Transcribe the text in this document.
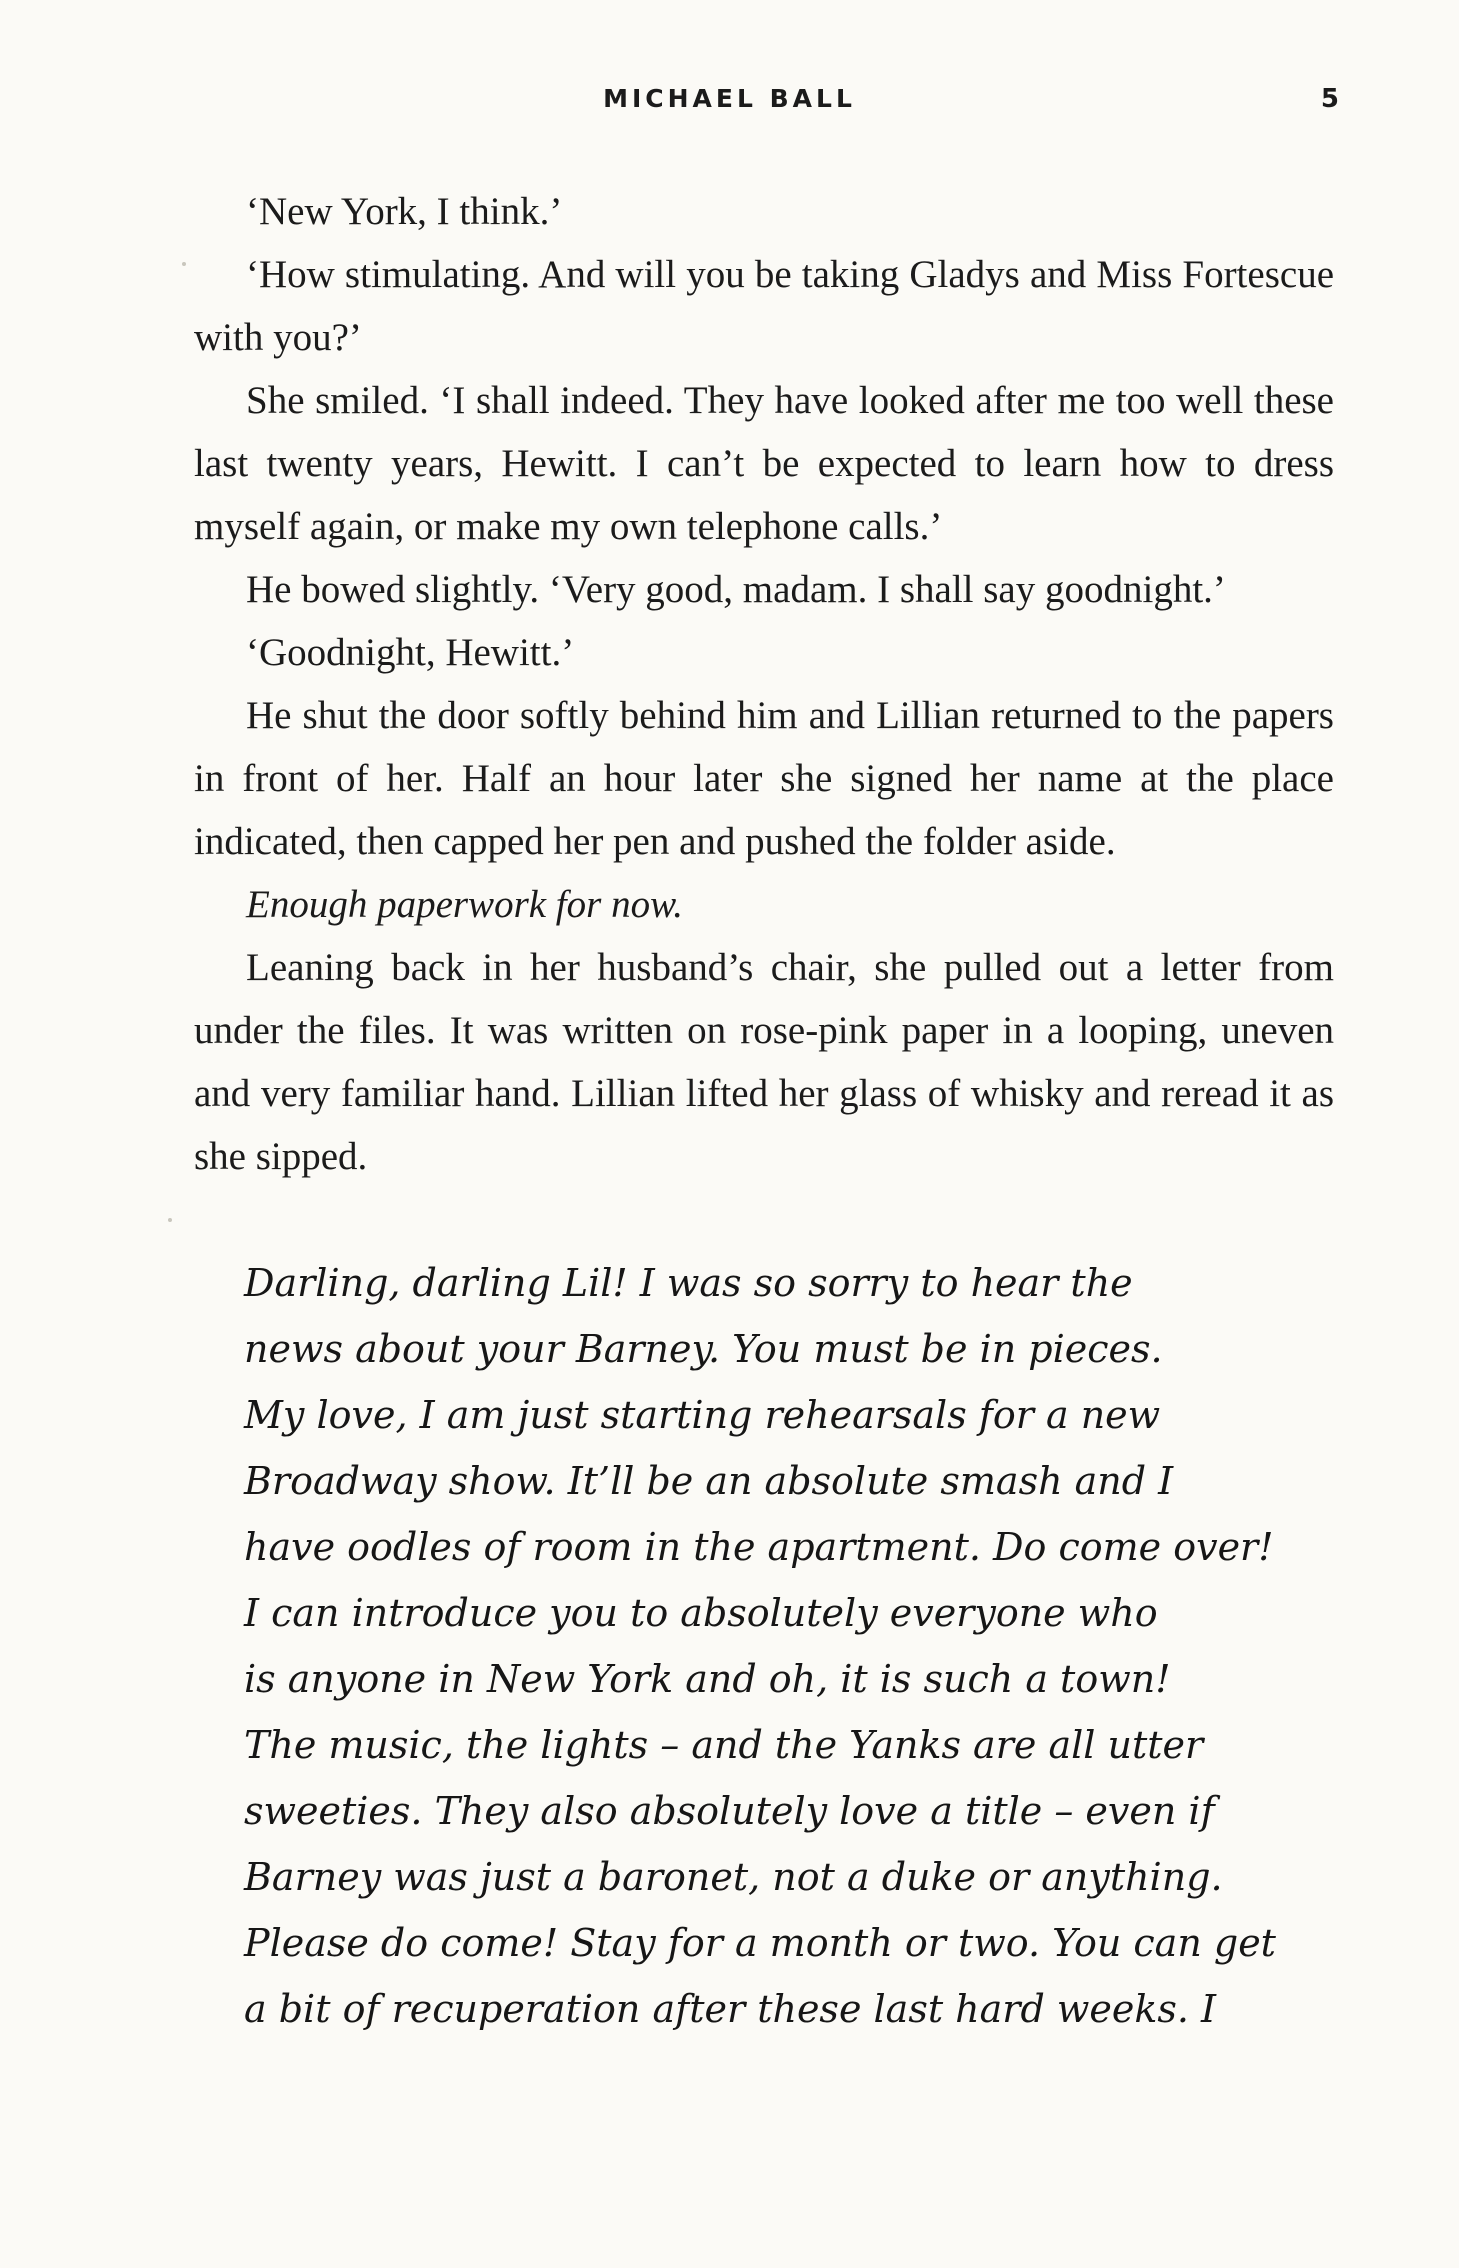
MICHAEL BALL	5

‘New York, I think.’

‘How stimulating. And will you be taking Gladys and Miss Fortescue with you?’

She smiled. ‘I shall indeed. They have looked after me too well these last twenty years, Hewitt. I can’t be expected to learn how to dress myself again, or make my own telephone calls.’

He bowed slightly. ‘Very good, madam. I shall say goodnight.’

‘Goodnight, Hewitt.’

He shut the door softly behind him and Lillian returned to the papers in front of her. Half an hour later she signed her name at the place indicated, then capped her pen and pushed the folder aside.

Enough paperwork for now.

Leaning back in her husband’s chair, she pulled out a letter from under the files. It was written on rose-pink paper in a looping, uneven and very familiar hand. Lillian lifted her glass of whisky and reread it as she sipped.

Darling, darling Lil! I was so sorry to hear the
news about your Barney. You must be in pieces.
My love, I am just starting rehearsals for a new
Broadway show. It’ll be an absolute smash and I
have oodles of room in the apartment. Do come over!
I can introduce you to absolutely everyone who
is anyone in New York and oh, it is such a town!
The music, the lights – and the Yanks are all utter
sweeties. They also absolutely love a title – even if
Barney was just a baronet, not a duke or anything.
Please do come! Stay for a month or two. You can get
a bit of recuperation after these last hard weeks. I
